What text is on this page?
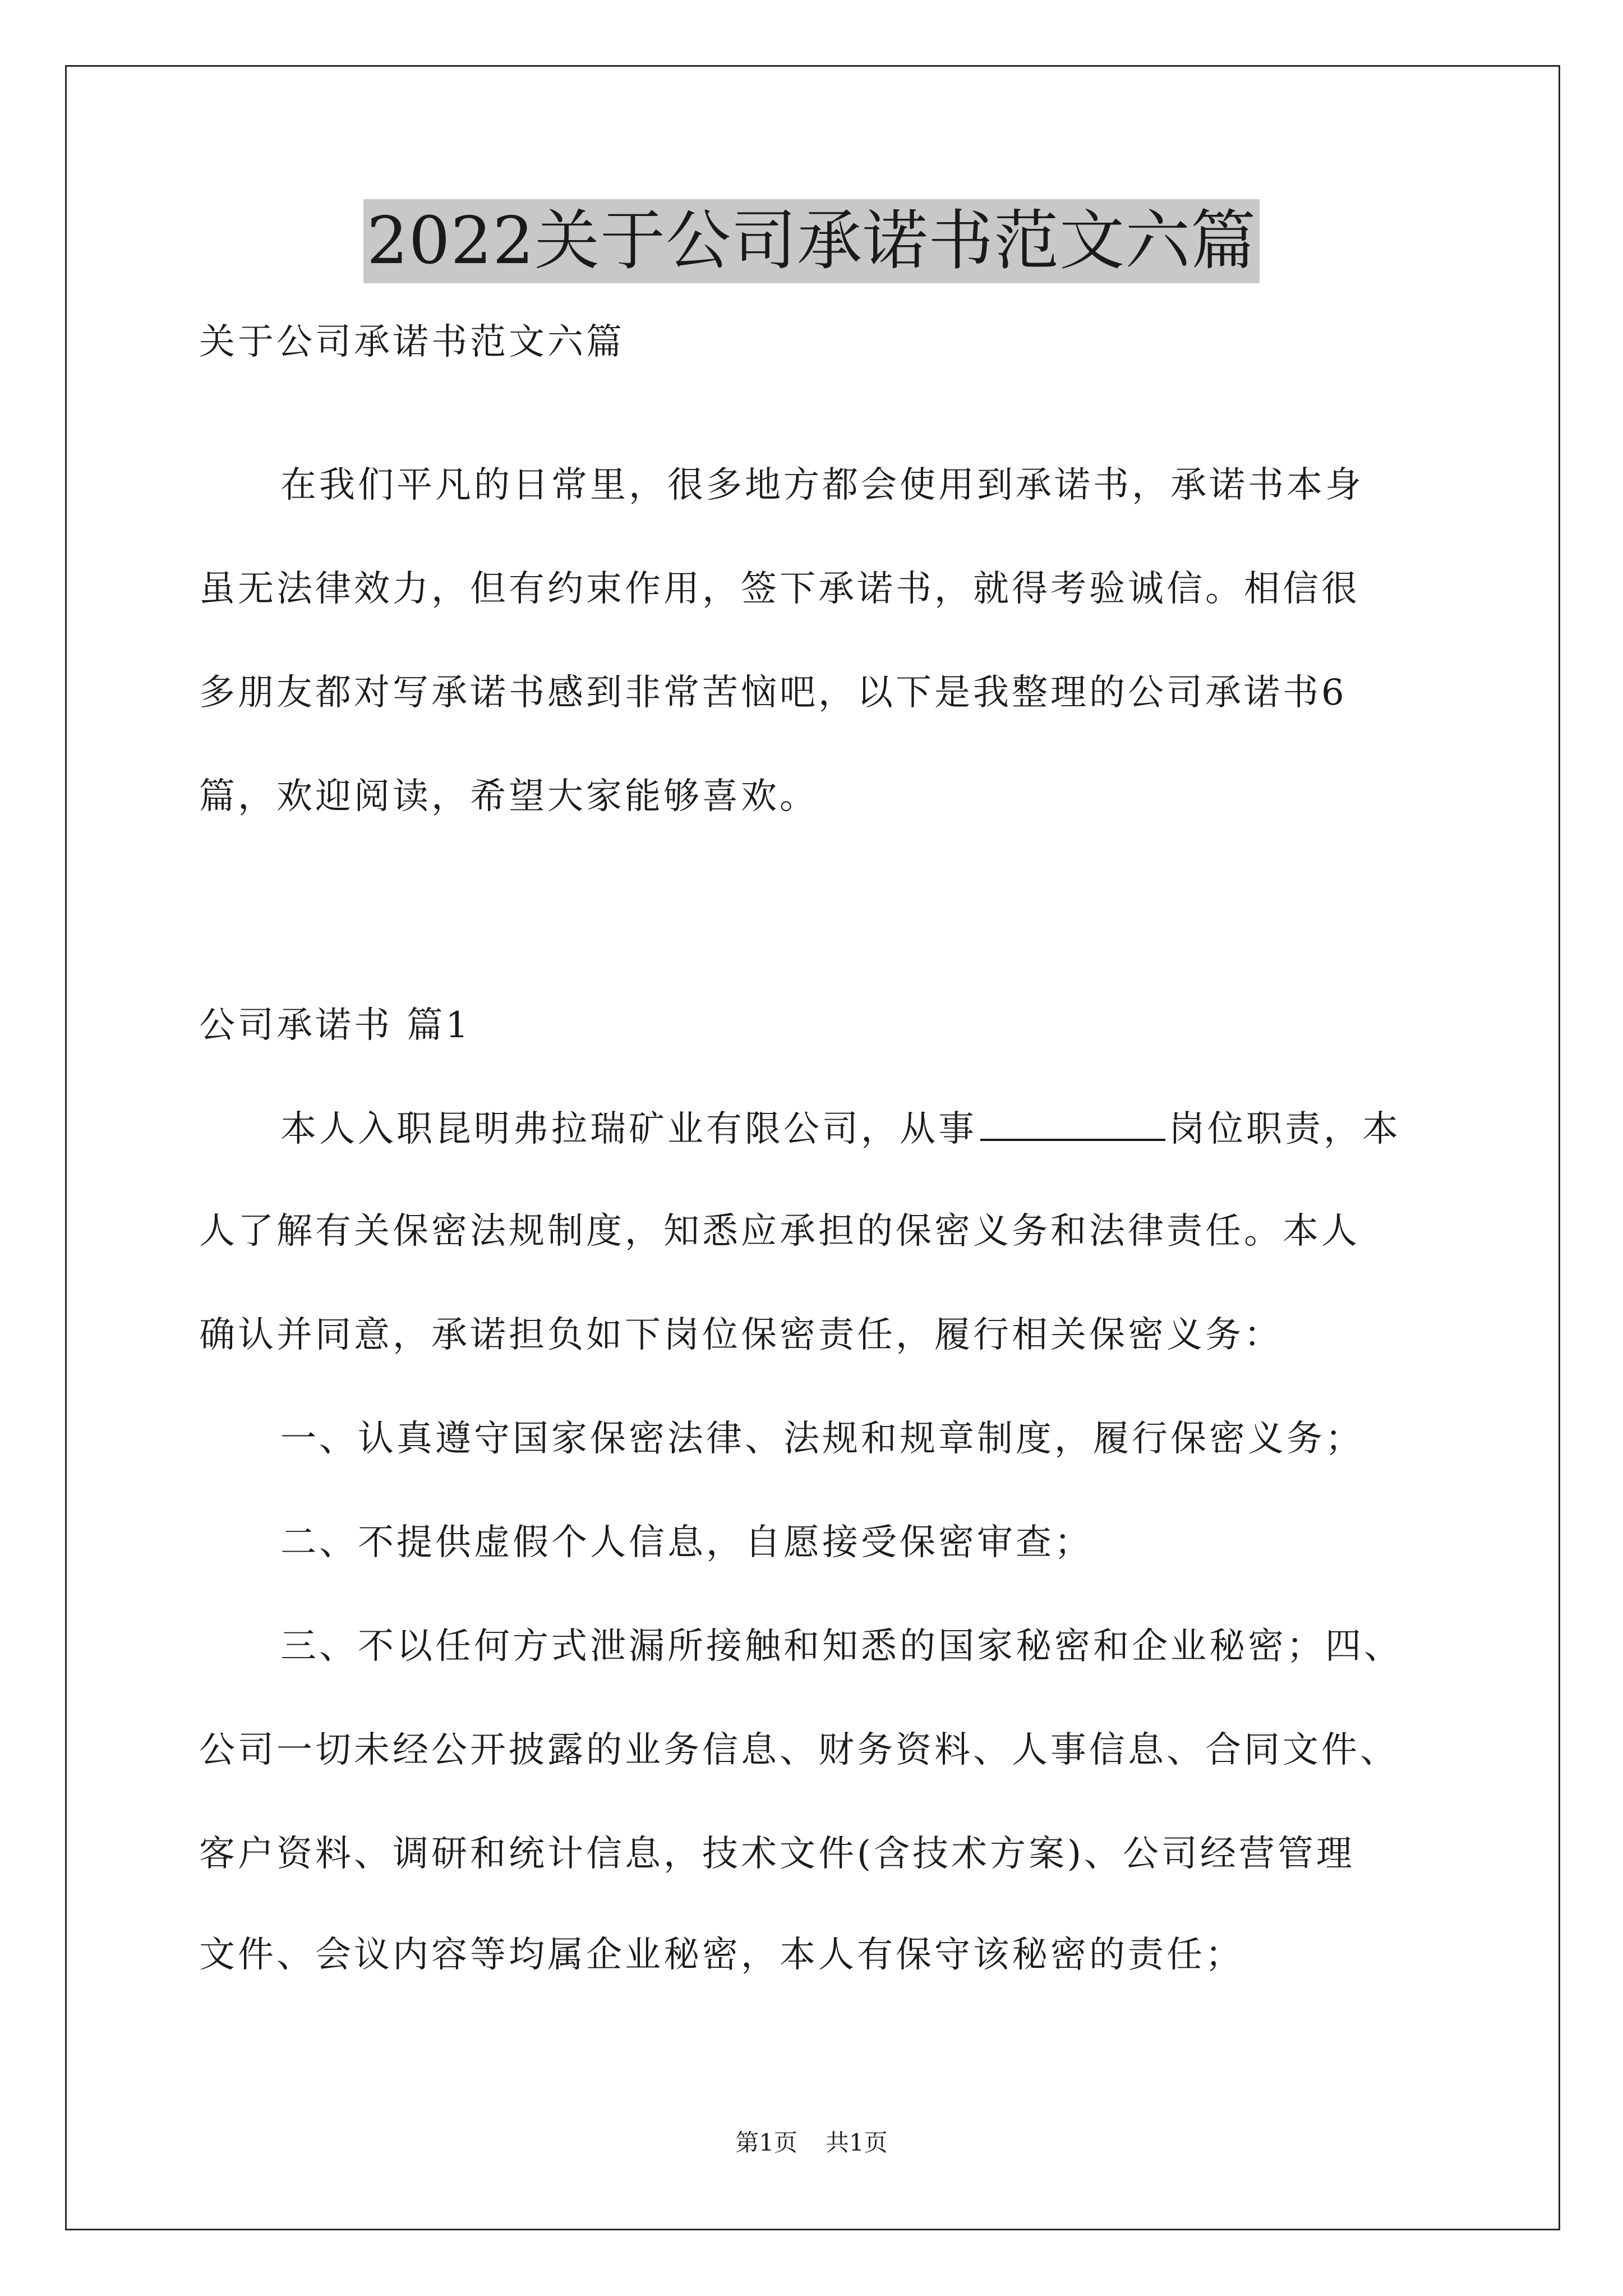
2022关于公司承诺书范文六篇
关于公司承诺书范文六篇
在我们平凡的日常里，很多地方都会使用到承诺书，承诺书本身
虽无法律效力，但有约束作用，签下承诺书，就得考验诚信。相信很
多朋友都对写承诺书感到非常苦恼吧，以下是我整理的公司承诺书6
篇，欢迎阅读，希望大家能够喜欢。
公司承诺书 篇1
本人入职昆明弗拉瑞矿业有限公司，从事	岗位职责，本
人了解有关保密法规制度，知悉应承担的保密义务和法律责任。本人
确认并同意，承诺担负如下岗位保密责任，履行相关保密义务：
一、认真遵守国家保密法律、法规和规章制度，履行保密义务；
二、不提供虚假个人信息，自愿接受保密审查；
三、不以任何方式泄漏所接触和知悉的国家秘密和企业秘密；四、
公司一切未经公开披露的业务信息、财务资料、人事信息、合同文件、
客户资料、调研和统计信息，技术文件(含技术方案)、公司经营管理
文件、会议内容等均属企业秘密，本人有保守该秘密的责任；
第1页 共1页
